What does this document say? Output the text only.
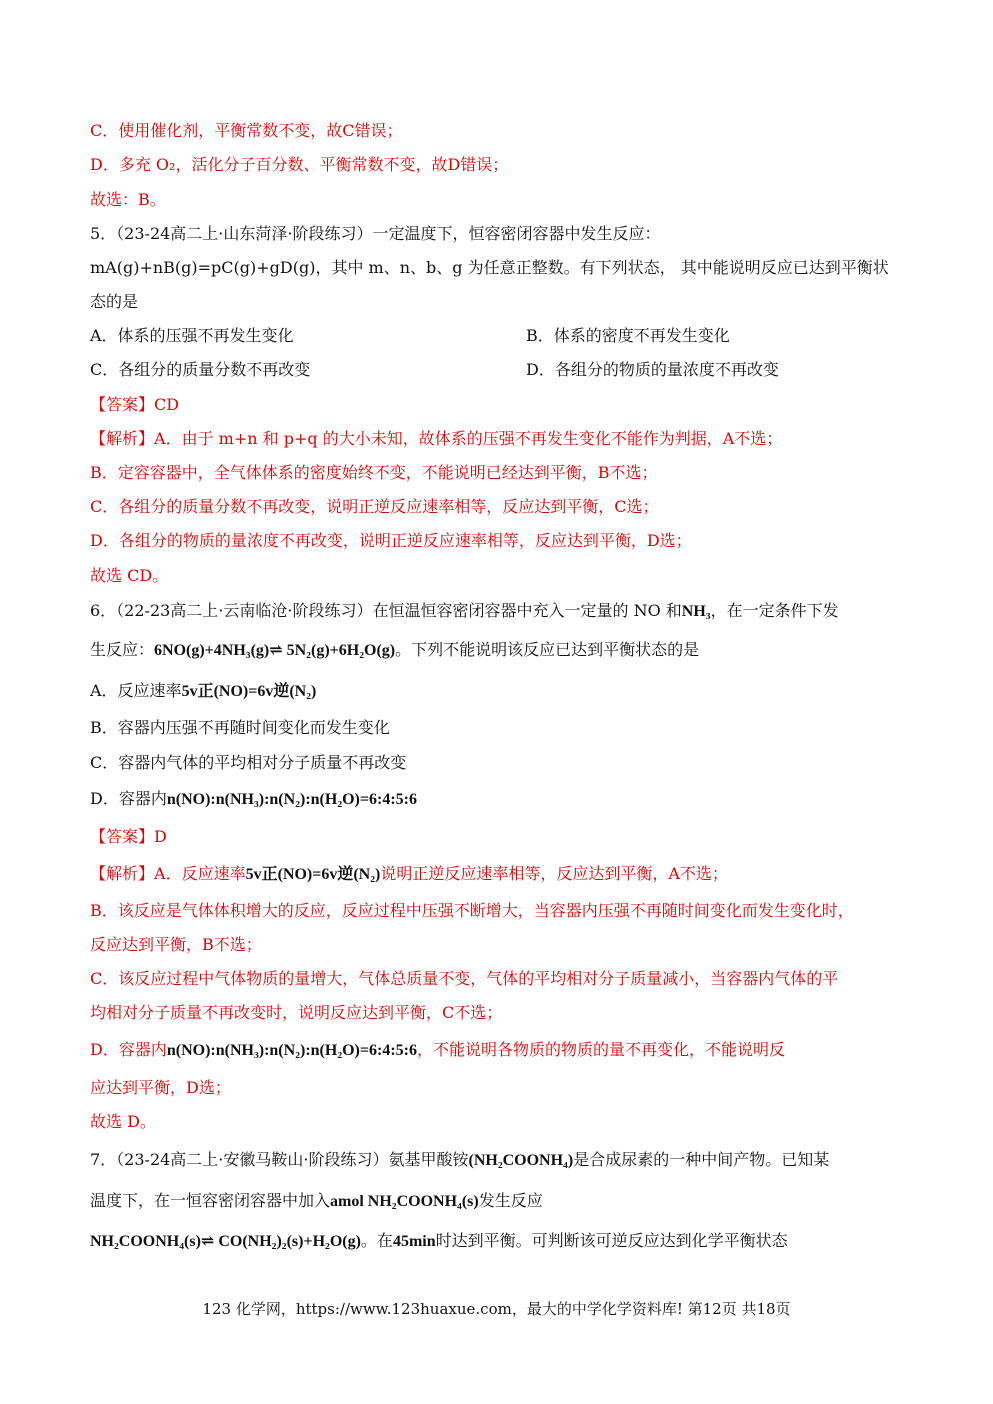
C．使用催化剂，平衡常数不变，故C错误；
D．多充 O₂，活化分子百分数、平衡常数不变，故D错误；
故选：B。
5．（23-24高二上·山东菏泽·阶段练习）一定温度下，恒容密闭容器中发生反应：
mA(g)+nB(g)=pC(g)+gD(g)，其中 m、n、b、g 为任意正整数。有下列状态， 其中能说明反应已达到平衡状
态的是
A．体系的压强不再发生变化	B．体系的密度不再发生变化
C．各组分的质量分数不再改变	D．各组分的物质的量浓度不再改变
【答案】CD
【解析】A．由于 m+n 和 p+q 的大小未知，故体系的压强不再发生变化不能作为判据，A不选；
B．定容容器中，全气体体系的密度始终不变，不能说明已经达到平衡，B不选；
C．各组分的质量分数不再改变，说明正逆反应速率相等，反应达到平衡，C选；
D．各组分的物质的量浓度不再改变，说明正逆反应速率相等，反应达到平衡，D选；
故选 CD。
6．（22-23高二上·云南临沧·阶段练习）在恒温恒容密闭容器中充入一定量的 NO 和NH₃，在一定条件下发
生反应：6NO(g)+4NH₃(g)⇌ 5N₂(g)+6H₂O(g)。下列不能说明该反应已达到平衡状态的是
A．反应速率5v正(NO)=6v逆(N₂)
B．容器内压强不再随时间变化而发生变化
C．容器内气体的平均相对分子质量不再改变
D．容器内n(NO):n(NH₃):n(N₂):n(H₂O)=6:4:5:6
【答案】D
【解析】A．反应速率5v正(NO)=6v逆(N₂)说明正逆反应速率相等，反应达到平衡，A不选；
B．该反应是气体体积增大的反应，反应过程中压强不断增大，当容器内压强不再随时间变化而发生变化时，
反应达到平衡，B不选；
C．该反应过程中气体物质的量增大，气体总质量不变，气体的平均相对分子质量减小，当容器内气体的平
均相对分子质量不再改变时，说明反应达到平衡，C不选；
D．容器内n(NO):n(NH₃):n(N₂):n(H₂O)=6:4:5:6，不能说明各物质的物质的量不再变化，不能说明反
应达到平衡，D选；
故选 D。
7．（23-24高二上·安徽马鞍山·阶段练习）氨基甲酸铵(NH₂COONH₄)是合成尿素的一种中间产物。已知某
温度下，在一恒容密闭容器中加入amol NH₂COONH₄(s)发生反应
NH₂COONH₄(s)⇌ CO(NH₂)₂(s)+H₂O(g)。在45min时达到平衡。可判断该可逆反应达到化学平衡状态
123 化学网，https://www.123huaxue.com，最大的中学化学资料库! 第12页 共18页
